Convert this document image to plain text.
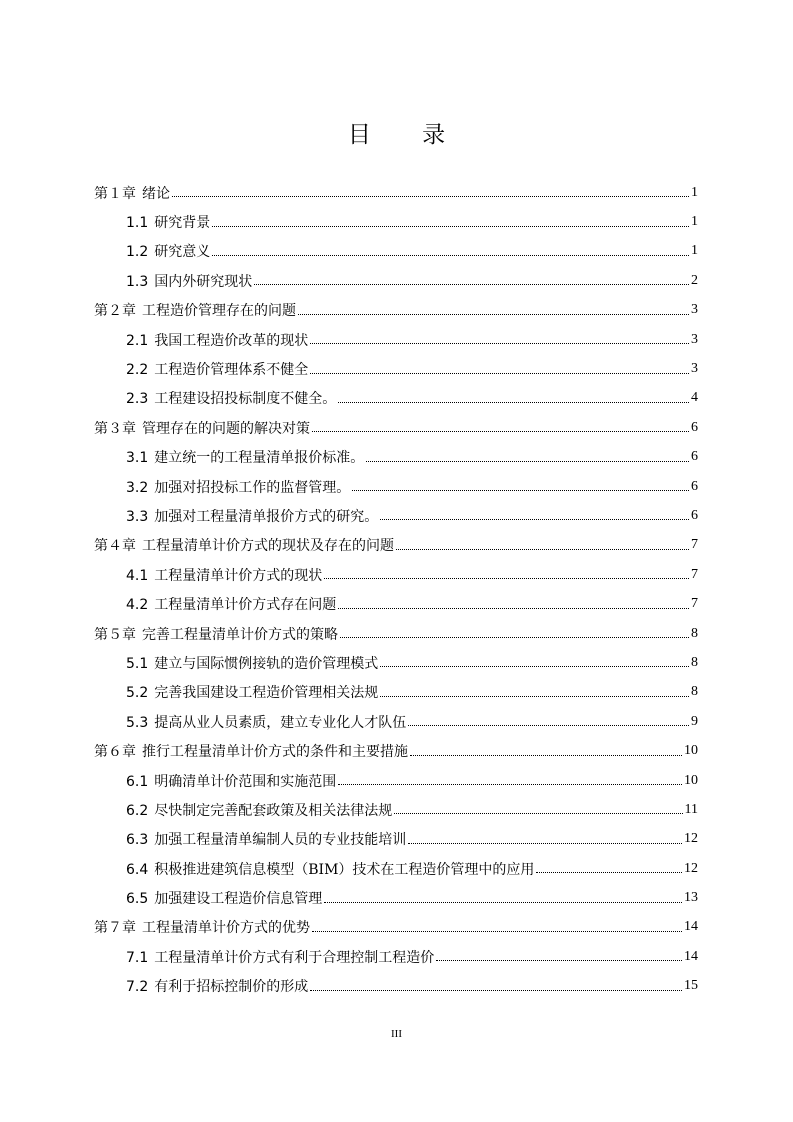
目 录
第１章 绪论	1
1.1 研究背景	1
1.2 研究意义	1
1.3 国内外研究现状	2
第２章 工程造价管理存在的问题	3
2.1 我国工程造价改革的现状	3
2.2 工程造价管理体系不健全	3
2.3 工程建设招投标制度不健全。	4
第３章 管理存在的问题的解决对策	6
3.1 建立统一的工程量清单报价标准。	6
3.2 加强对招投标工作的监督管理。	6
3.3 加强对工程量清单报价方式的研究。	6
第４章 工程量清单计价方式的现状及存在的问题	7
4.1 工程量清单计价方式的现状	7
4.2 工程量清单计价方式存在问题	7
第５章 完善工程量清单计价方式的策略	8
5.1 建立与国际惯例接轨的造价管理模式	8
5.2 完善我国建设工程造价管理相关法规	8
5.3 提高从业人员素质，建立专业化人才队伍	9
第６章 推行工程量清单计价方式的条件和主要措施	10
6.1 明确清单计价范围和实施范围	10
6.2 尽快制定完善配套政策及相关法律法规	11
6.3 加强工程量清单编制人员的专业技能培训	12
6.4 积极推进建筑信息模型（BIM）技术在工程造价管理中的应用	12
6.5 加强建设工程造价信息管理	13
第７章 工程量清单计价方式的优势	14
7.1 工程量清单计价方式有利于合理控制工程造价	14
7.2 有利于招标控制价的形成	15
III
